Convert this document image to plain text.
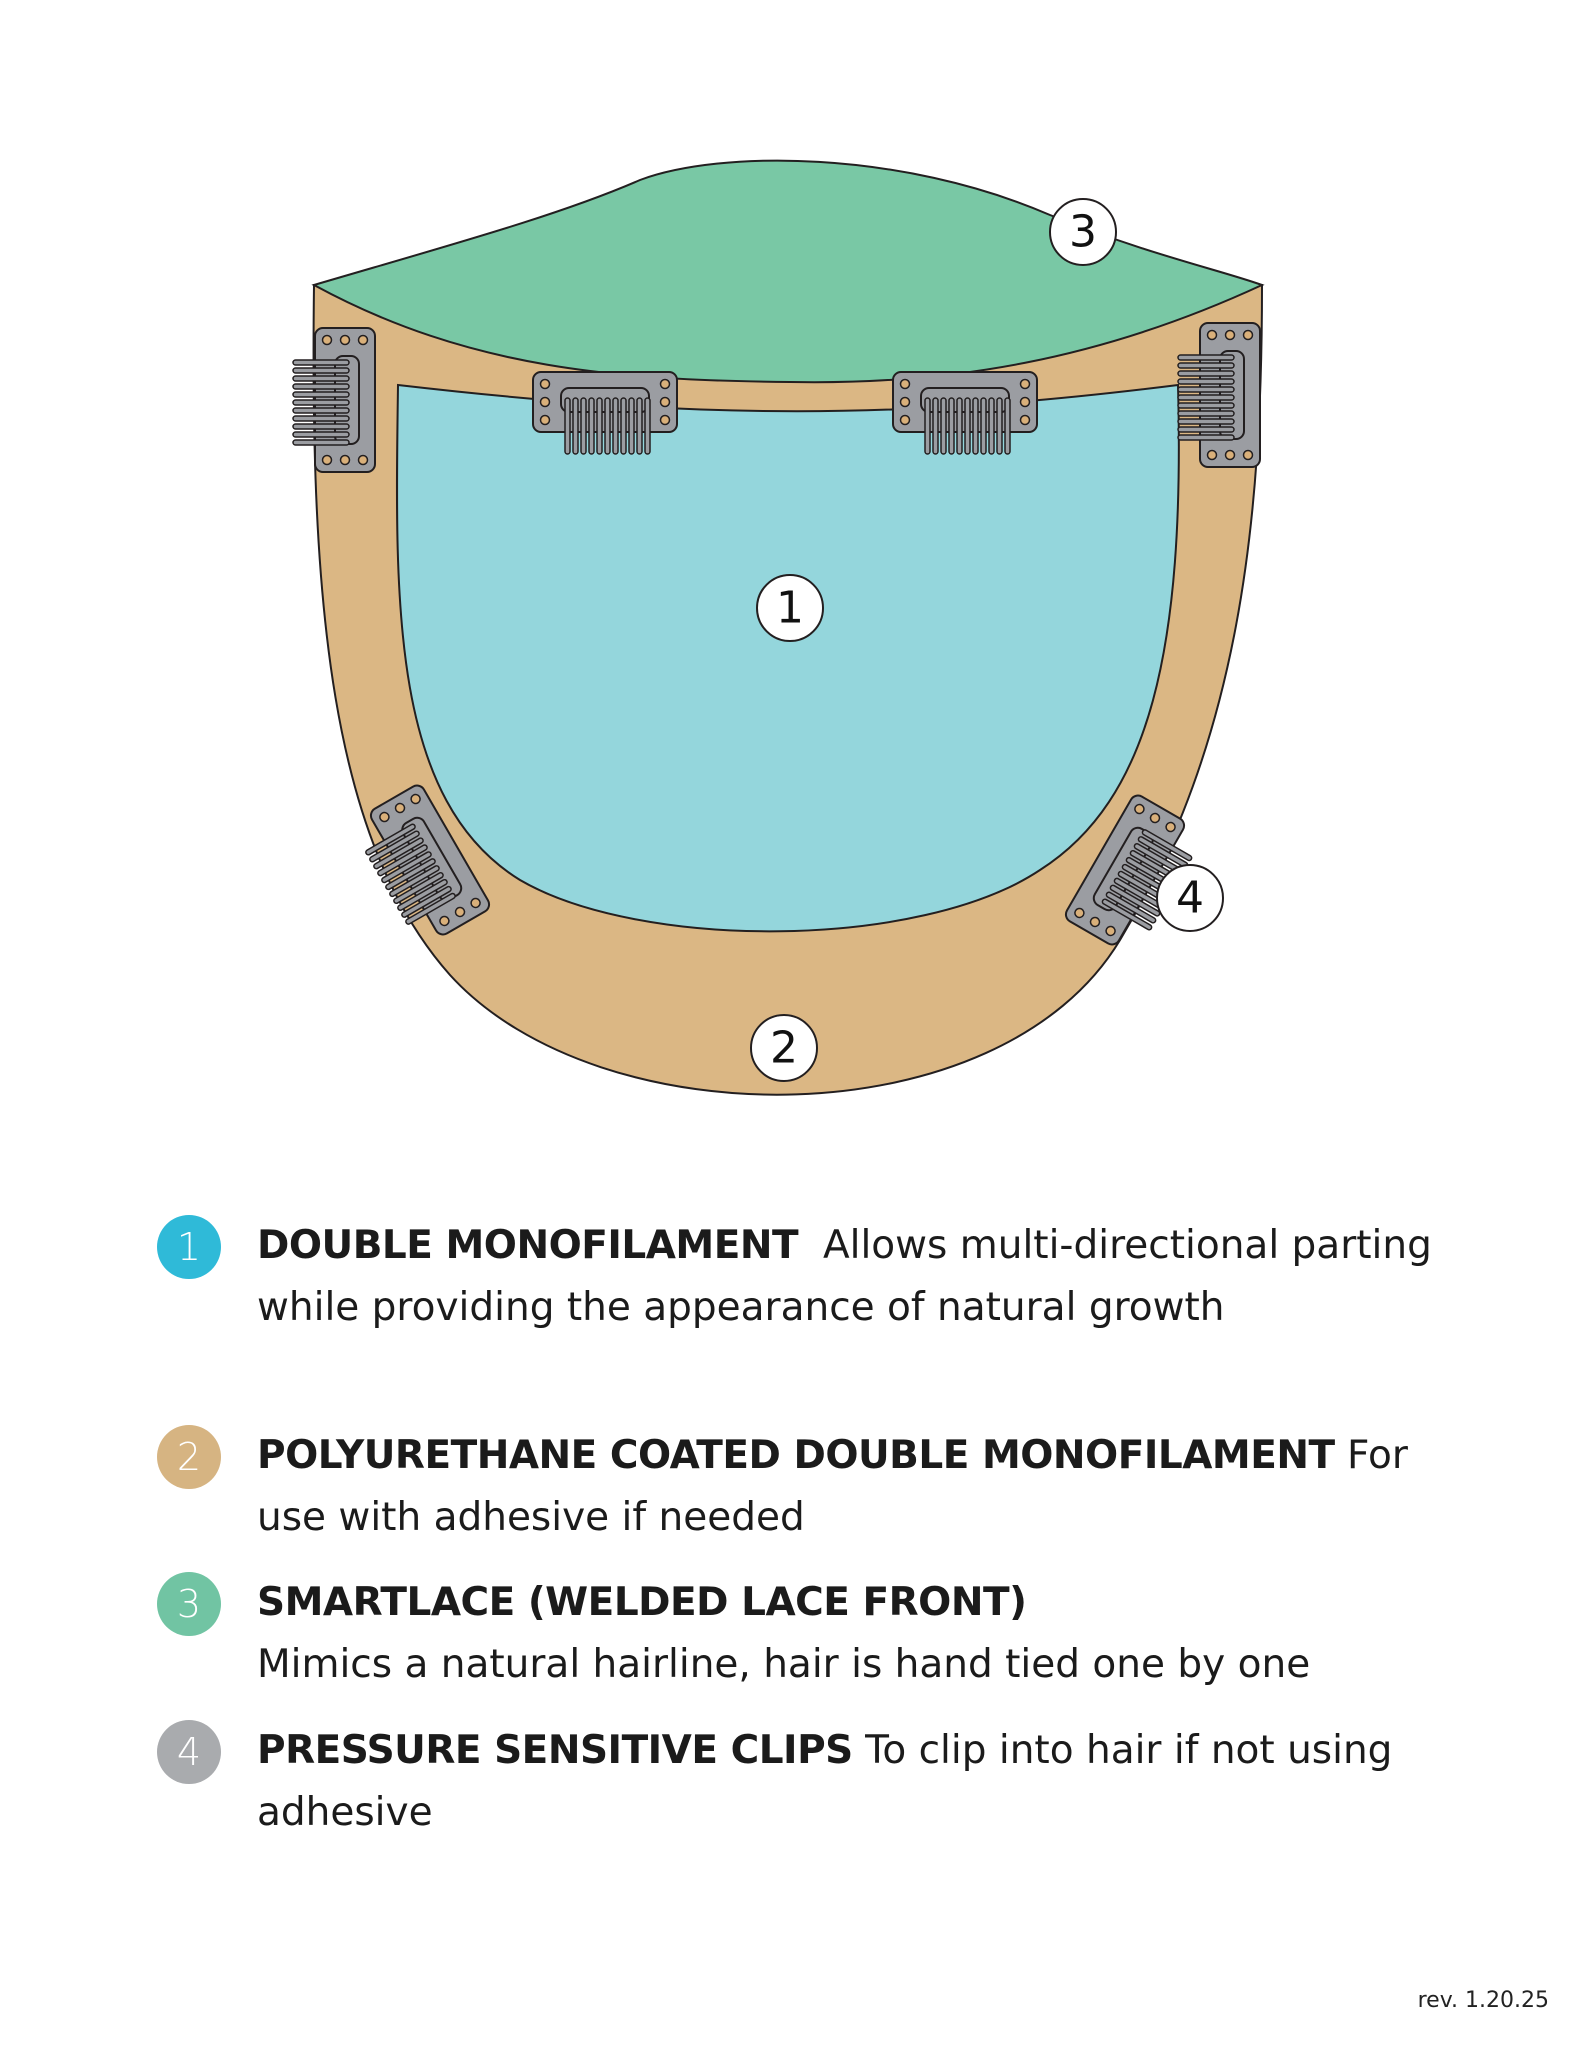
1
2
3
4
1	DOUBLE MONOFILAMENT Allows multi-directional parting while providing the appearance of natural growth
2	POLYURETHANE COATED DOUBLE MONOFILAMENT For use with adhesive if needed
3	SMARTLACE (WELDED LACE FRONT)
Mimics a natural hairline, hair is hand tied one by one
4	PRESSURE SENSITIVE CLIPS To clip into hair if not using adhesive
rev. 1.20.25
